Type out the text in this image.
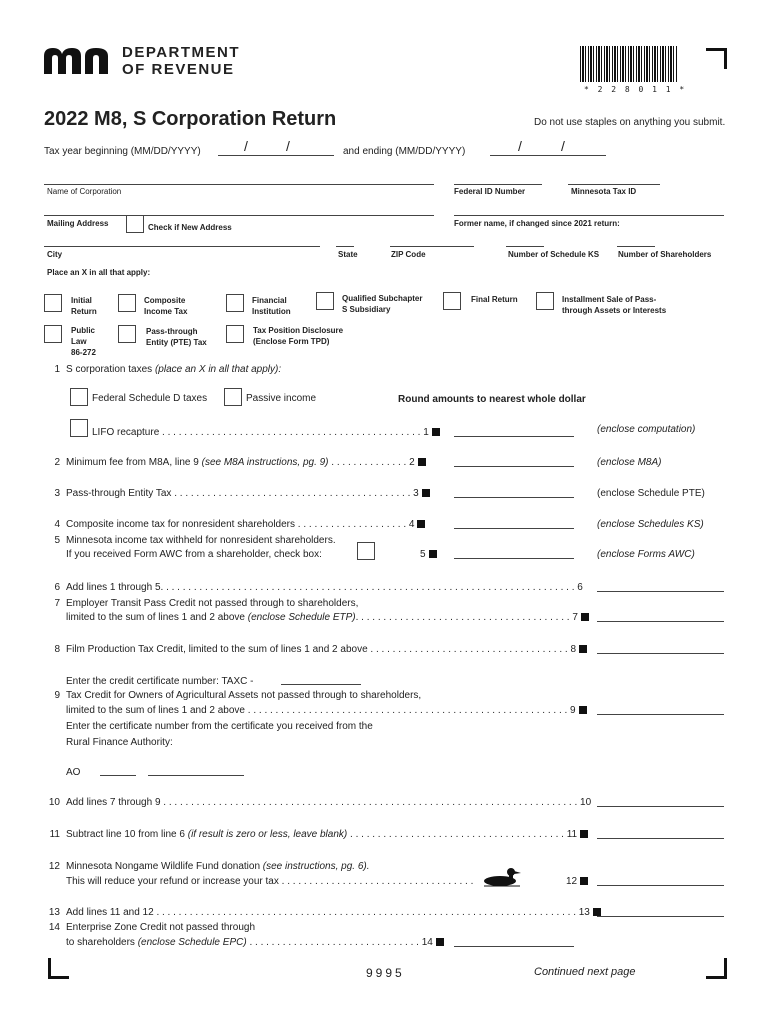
DEPARTMENT
OF REVENUE
* 2 2 8 0 1 1 *
2022 M8, S Corporation Return	Do not use staples on anything you submit.
Tax year beginning (MM/DD/YYYY)	/	/	and ending (MM/DD/YYYY)	/	/
Name of Corporation	Federal ID Number	Minnesota Tax ID
Mailing Address	Check if New Address	Former name, if changed since 2021 return:
City	State	ZIP Code	Number of Schedule KS Number of Shareholders
Place an X in all that apply:
Initial
Return
Composite
Income Tax
Financial
Institution
Qualified Subchapter
S Subsidiary
Final Return	Installment Sale of Pass-
through Assets or Interests
Public
Law
86-272
Pass-through
Entity (PTE) Tax
Tax Position Disclosure
(Enclose Form TPD)
1 S corporation taxes (place an X in all that apply):
Federal Schedule D taxes	Passive income	Round amounts to nearest whole dollar
LIFO recapture . . . . . . . . . . . . . . . . . . . . . . . . . . . . . . . . . . . . . . . . . . . . . . . 1	(enclose computation)
2 Minimum fee from M8A, line 9 (see M8A instructions, pg. 9) . . . . . . . . . . . . . . 2	(enclose M8A)
3 Pass-through Entity Tax . . . . . . . . . . . . . . . . . . . . . . . . . . . . . . . . . . . . . . . . . . . 3	(enclose Schedule PTE)
4 Composite income tax for nonresident shareholders . . . . . . . . . . . . . . . . . . . . 4	(enclose Schedules KS)
5 Minnesota income tax withheld for nonresident shareholders.
If you received Form AWC from a shareholder, check box:	5	(enclose Forms AWC)
6 Add lines 1 through 5. . . . . . . . . . . . . . . . . . . . . . . . . . . . . . . . . . . . . . . . . . . . . . . . . . . . . . . . . . . . . . . . . . . . . . . . . . . 6
7 Employer Transit Pass Credit not passed through to shareholders,
limited to the sum of lines 1 and 2 above (enclose Schedule ETP). . . . . . . . . . . . . . . . . . . . . . . . . . . . . . . . . . . . . . . 7
8 Film Production Tax Credit, limited to the sum of lines 1 and 2 above . . . . . . . . . . . . . . . . . . . . . . . . . . . . . . . . . . . . 8
Enter the credit certificate number: TAXC -
9 Tax Credit for Owners of Agricultural Assets not passed through to shareholders,
limited to the sum of lines 1 and 2 above . . . . . . . . . . . . . . . . . . . . . . . . . . . . . . . . . . . . . . . . . . . . . . . . . . . . . . . . . . 9
Enter the certificate number from the certificate you received from the
Rural Finance Authority:
AO
10 Add lines 7 through 9 . . . . . . . . . . . . . . . . . . . . . . . . . . . . . . . . . . . . . . . . . . . . . . . . . . . . . . . . . . . . . . . . . . . . . . . . . . . 10
11 Subtract line 10 from line 6 (if result is zero or less, leave blank) . . . . . . . . . . . . . . . . . . . . . . . . . . . . . . . . . . . . . . . 11
12 Minnesota Nongame Wildlife Fund donation (see instructions, pg. 6).
This will reduce your refund or increase your tax . . . . . . . . . . . . . . . . . . . . . . . . . . . . . . . . . . .	12
13 Add lines 11 and 12 . . . . . . . . . . . . . . . . . . . . . . . . . . . . . . . . . . . . . . . . . . . . . . . . . . . . . . . . . . . . . . . . . . . . . . . . . . . . 13
14 Enterprise Zone Credit not passed through
to shareholders (enclose Schedule EPC) . . . . . . . . . . . . . . . . . . . . . . . . . . . . . . . 14
9995	Continued next page
